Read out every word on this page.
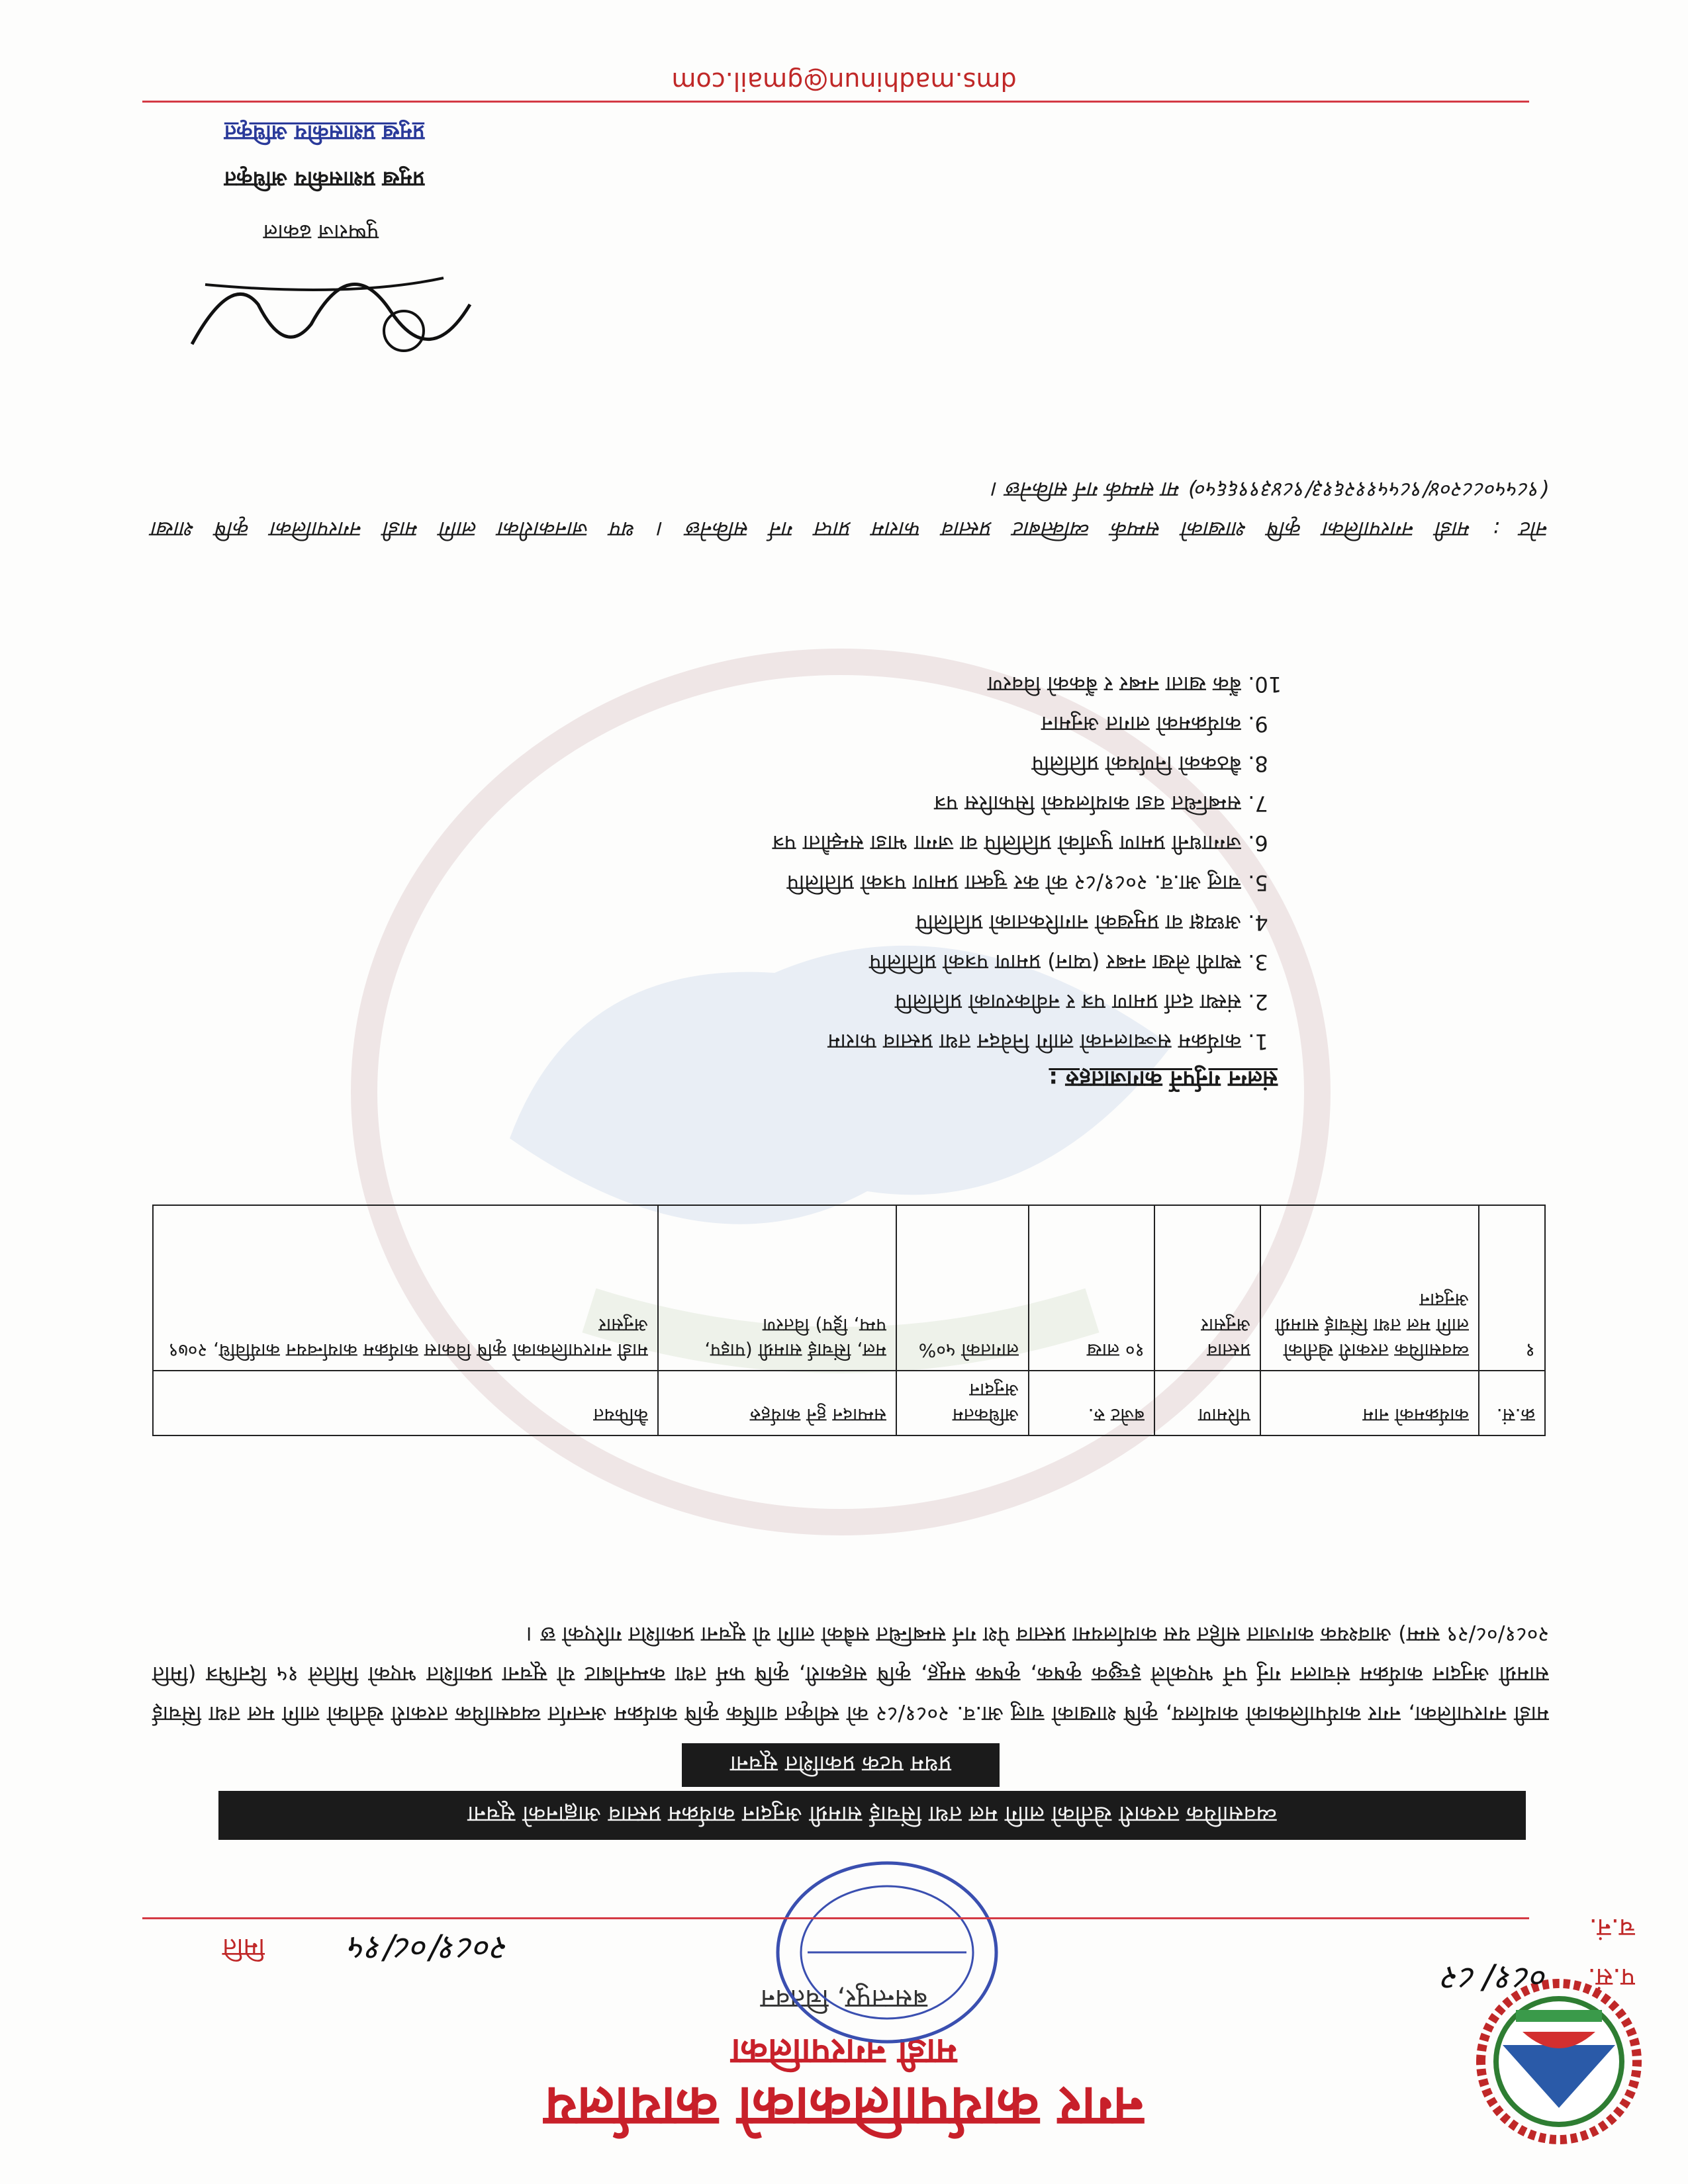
नगर कार्यपालिकाको कार्यालय
माडी नगरपालिका
बसन्तपुर, चितवन
प.सं.
०८१/८२
च.नं.
मिति	२०८१/०८/१५
व्यवसायिक तरकारी खेतीको लागि मल तथा सिंचाई सामग्री अनुदान कार्यक्रम प्रस्ताव आह्वानको सूचना
प्रथम पटक प्रकाशित सूचना
माडी नगरपालिका, नगर कार्यपालिकाको कार्यालय, कृषि शाखाको चालु आ.व. २०८१/८२ को स्वीकृत वार्षिक कृषि कार्यक्रम अन्तर्गत व्यवसायिक तरकारी खेतीको लागि मल तथा सिंचाई सामग्री अनुदान कार्यक्रम संचालन गर्नु पर्ने भएकोले इच्छुक कृषक, कृषक समूह, कृषि सहकारी, कृषि फर्म तथा कम्पनीबाट यो सूचना प्रकाशित भएको मितिले १५ दिनभित्र (मिति २०८१/०८/२९ सम्म) आवश्यक कागजात सहित यस कार्यालयमा प्रस्ताव पेश गर्न सम्बन्धित सबैको लागि यो सूचना प्रकाशित गरिएको छ ।
क्र.सं.	कार्यक्रमको नाम	परिमाण	बजेट रु.	अधिकतम अनुदान	सम्पादन हुने कार्यहरु	कैफियत
१	व्यवसायिक तरकारी खेतीको लागि मल तथा सिंचाई सामग्री अनुदान	प्रस्ताव अनुसार	१० लाख	लागतको ५०%	मल, सिंचाई सामग्री (पाइप, पम्प, ड्रिप) वितरण	माडी नगरपालिकाको कृषि विकास कार्यक्रम कार्यान्वयन कार्यविधि, २०७९ अनुसार
संलग्न गर्नुपर्ने कागजातहरु :
1. कार्यक्रम सञ्चालनको लागि निवेदन तथा प्रस्ताव फाराम
2. संस्था दर्ता प्रमाण पत्र र नवीकरणको प्रतिलिपि
3. स्थायी लेखा नम्बर (प्यान) प्रमाण पत्रको प्रतिलिपि
4. अध्यक्ष वा प्रमुखको नागरिकताको प्रतिलिपि
5. चालु आ.व. २०८१/८२ को कर चुक्ता प्रमाण पत्रको प्रतिलिपि
6. जग्गाधनी प्रमाण पुर्जाको प्रतिलिपि वा जग्गा भाडा सम्झौता पत्र
7. सम्बन्धित वडा कार्यालयको सिफारिस पत्र
8. बैठकको निर्णयको प्रतिलिपि
9. कार्यक्रमको लागत अनुमान
10. बैंक खाता नम्बर र बैंकको विवरण
नोट : माडी नगरपालिका कृषि शाखाको सम्पर्क व्यक्तिबाट प्रस्ताव फाराम प्राप्त गर्न सकिनेछ । थप जानकारीका लागि माडी नगरपालिका कृषि शाखा (९८५५०८८२०४/९८५५११२६१३/९८४३९९६६५०) मा सम्पर्क गर्न सकिनेछ ।
पुष्पराज ढकाल
प्रमुख प्रशासकीय अधिकृत
प्रमुख प्रशासकीय अधिकृत
dms.madhinun@gmail.com
